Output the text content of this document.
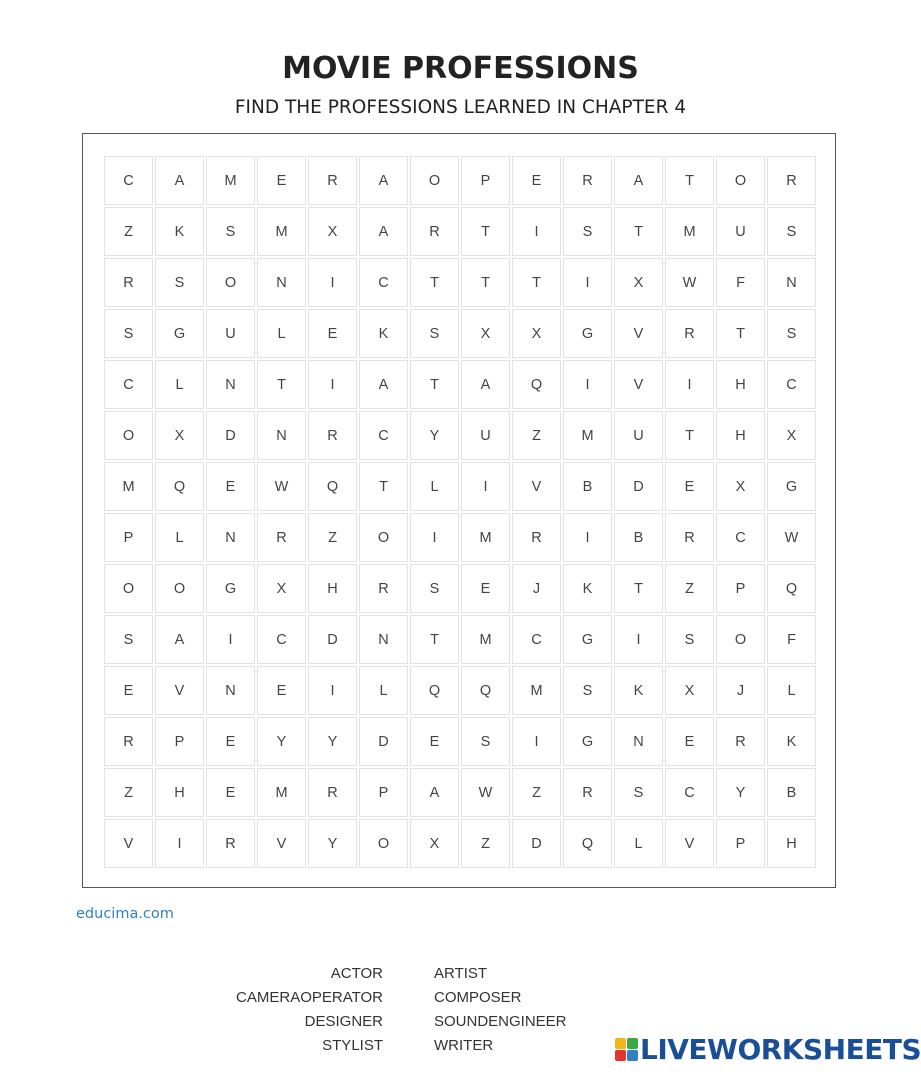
MOVIE PROFESSIONS
FIND THE PROFESSIONS LEARNED IN CHAPTER 4
C	A	M	E	R	A	O	P	E	R	A	T	O	R
Z	K	S	M	X	A	R	T	I	S	T	M	U	S
R	S	O	N	I	C	T	T	T	I	X	W	F	N
S	G	U	L	E	K	S	X	X	G	V	R	T	S
C	L	N	T	I	A	T	A	Q	I	V	I	H	C
O	X	D	N	R	C	Y	U	Z	M	U	T	H	X
M	Q	E	W	Q	T	L	I	V	B	D	E	X	G
P	L	N	R	Z	O	I	M	R	I	B	R	C	W
O	O	G	X	H	R	S	E	J	K	T	Z	P	Q
S	A	I	C	D	N	T	M	C	G	I	S	O	F
E	V	N	E	I	L	Q	Q	M	S	K	X	J	L
R	P	E	Y	Y	D	E	S	I	G	N	E	R	K
Z	H	E	M	R	P	A	W	Z	R	S	C	Y	B
V	I	R	V	Y	O	X	Z	D	Q	L	V	P	H
educima.com
ACTOR
CAMERAOPERATOR
DESIGNER
STYLIST
ARTIST
COMPOSER
SOUNDENGINEER
WRITER	LIVEWORKSHEETS
